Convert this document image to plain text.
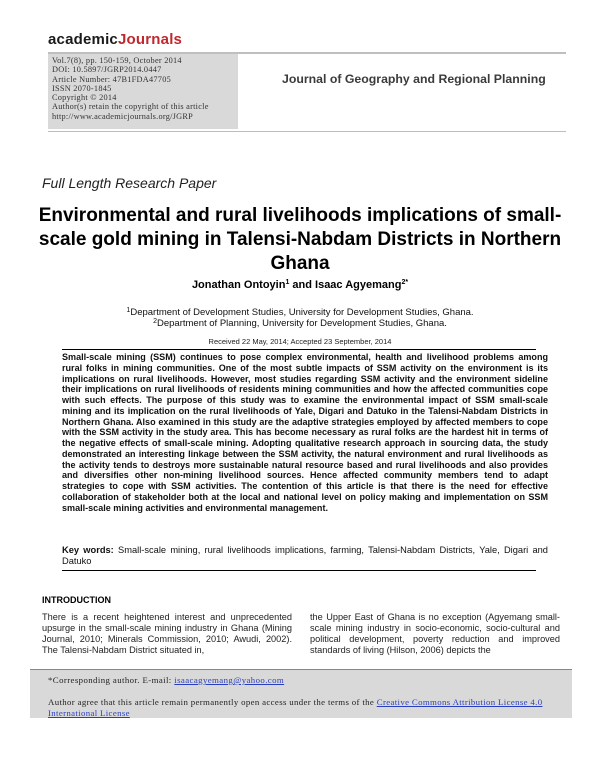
academicJournals
Vol.7(8), pp. 150-159, October 2014
DOI: 10.5897/JGRP2014.0447
Article Number: 47B1FDA47705
ISSN 2070-1845
Copyright © 2014
Author(s) retain the copyright of this article
http://www.academicjournals.org/JGRP
Journal of Geography and Regional Planning
Full Length Research Paper
Environmental and rural livelihoods implications of small-scale gold mining in Talensi-Nabdam Districts in Northern Ghana
Jonathan Ontoyin$^1$ and Isaac Agyemang$^{2*}$
$^1$Department of Development Studies, University for Development Studies, Ghana.
$^2$Department of Planning, University for Development Studies, Ghana.
Received 22 May, 2014; Accepted 23 September, 2014
Small-scale mining (SSM) continues to pose complex environmental, health and livelihood problems among rural folks in mining communities. One of the most subtle impacts of SSM activity on the environment is its implications on rural livelihoods. However, most studies regarding SSM activity and the environment sideline their implications on rural livelihoods of residents mining communities and how the affected communities cope with such effects. The purpose of this study was to examine the environmental impact of SSM small-scale mining and its implication on the rural livelihoods of Yale, Digari and Datuko in the Talensi-Nabdam Districts in Northern Ghana. Also examined in this study are the adaptive strategies employed by affected members to cope with the SSM activity in the study area. This has become necessary as rural folks are the hardest hit in terms of the negative effects of small-scale mining. Adopting qualitative research approach in sourcing data, the study demonstrated an interesting linkage between the SSM activity, the natural environment and rural livelihoods as the activity tends to destroys more sustainable natural resource based and rural livelihoods and also provides and diversifies other non-mining livelihood sources. Hence affected community members tend to adapt strategies to cope with SSM activities. The contention of this article is that there is the need for effective collaboration of stakeholder both at the local and national level on policy making and implementation on SSM small-scale mining activities and environmental management.
Key words: Small-scale mining, rural livelihoods implications, farming, Talensi-Nabdam Districts, Yale, Digari and Datuko
INTRODUCTION
There is a recent heightened interest and unprecedented upsurge in the small-scale mining industry in Ghana (Mining Journal, 2010; Minerals Commission, 2010; Awudi, 2002). The Talensi-Nabdam District situated in,
the Upper East of Ghana is no exception (Agyemang small-scale mining industry in socio-economic, socio-cultural and political development, poverty reduction and improved standards of living (Hilson, 2006) depicts the
*Corresponding author. E-mail: isaacagyemang@yahoo.com
Author agree that this article remain permanently open access under the terms of the Creative Commons Attribution License 4.0 International License
